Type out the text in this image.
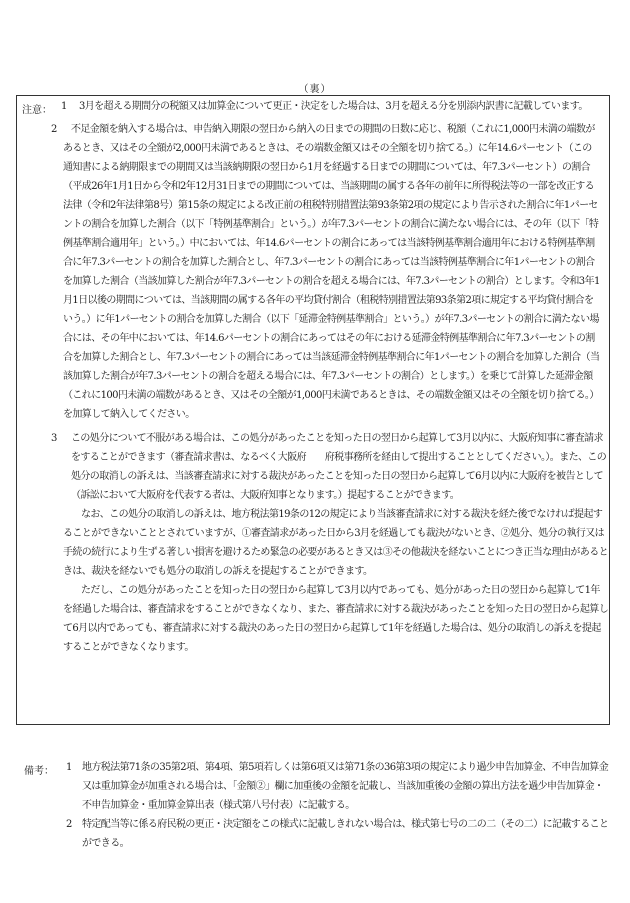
（裏）
注意： 1 3月を超える期間分の税額又は加算金について更正・決定をした場合は、3月を超える分を別添内訳書に記載しています。
2	不足金額を納入する場合は、申告納入期限の翌日から納入の日までの期間の日数に応じ、税額（これに1,000円未満の端数があるとき、又はその全額が2,000円未満であるときは、その端数金額又はその全額を切り捨てる。）に年14.6パーセント（この通知書による納期限までの期間又は当該納期限の翌日から1月を経過する日までの期間については、年7.3パーセント）の割合（平成26年1月1日から令和2年12月31日までの期間については、当該期間の属する各年の前年に所得税法等の一部を改正する法律（令和2年法律第8号）第15条の規定による改正前の租税特別措置法第93条第2項の規定により告示された割合に年1パーセントの割合を加算した割合（以下「特例基準割合」という。）が年7.3パーセントの割合に満たない場合には、その年（以下「特例基準割合適用年」という。）中においては、年14.6パーセントの割合にあっては当該特例基準割合適用年における特例基準割合に年7.3パーセントの割合を加算した割合とし、年7.3パーセントの割合にあっては当該特例基準割合に年1パーセントの割合を加算した割合（当該加算した割合が年7.3パーセントの割合を超える場合には、年7.3パーセントの割合）とします。令和3年1月1日以後の期間については、当該期間の属する各年の平均貸付割合（租税特別措置法第93条第2項に規定する平均貸付割合をいう。）に年1パーセントの割合を加算した割合（以下「延滞金特例基準割合」という。）が年7.3パーセントの割合に満たない場合には、その年中においては、年14.6パーセントの割合にあってはその年における延滞金特例基準割合に年7.3パーセントの割合を加算した割合とし、年7.3パーセントの割合にあっては当該延滞金特例基準割合に年1パーセントの割合を加算した割合（当該加算した割合が年7.3パーセントの割合を超える場合には、年7.3パーセントの割合）とします。）を乗じて計算した延滞金額（これに100円未満の端数があるとき、又はその全額が1,000円未満であるときは、その端数金額又はその全額を切り捨てる。）を加算して納入してください。
3 この処分について不服がある場合は、この処分があったことを知った日の翌日から起算して3月以内に、大阪府知事に審査請求をすることができます（審査請求書は、なるべく大阪府　　府税事務所を経由して提出することとしてください。）。また、この処分の取消しの訴えは、当該審査請求に対する裁決があったことを知った日の翌日から起算して6月以内に大阪府を被告として（訴訟において大阪府を代表する者は、大阪府知事となります。）提起することができます。
なお、この処分の取消しの訴えは、地方税法第19条の12の規定により当該審査請求に対する裁決を経た後でなければ提起することができないこととされていますが、①審査請求があった日から3月を経過しても裁決がないとき、②処分、処分の執行又は手続の続行により生ずる著しい損害を避けるため緊急の必要があるとき又は③その他裁決を経ないことにつき正当な理由があるときは、裁決を経ないでも処分の取消しの訴えを提起することができます。
ただし、この処分があったことを知った日の翌日から起算して3月以内であっても、処分があった日の翌日から起算して1年を経過した場合は、審査請求をすることができなくなり、また、審査請求に対する裁決があったことを知った日の翌日から起算して6月以内であっても、審査請求に対する裁決のあった日の翌日から起算して1年を経過した場合は、処分の取消しの訴えを提起することができなくなります。
備考： 1 地方税法第71条の35第2項、第4項、第5項若しくは第6項又は第71条の36第3項の規定により過少申告加算金、不申告加算金又は重加算金が加重される場合は、「金額②」欄に加重後の金額を記載し、当該加重後の金額の算出方法を過少申告加算金・不申告加算金・重加算金算出表（様式第八号付表）に記載する。
2 特定配当等に係る府民税の更正・決定額をこの様式に記載しきれない場合は、様式第七号の二の二（その二）に記載すること ができる。
